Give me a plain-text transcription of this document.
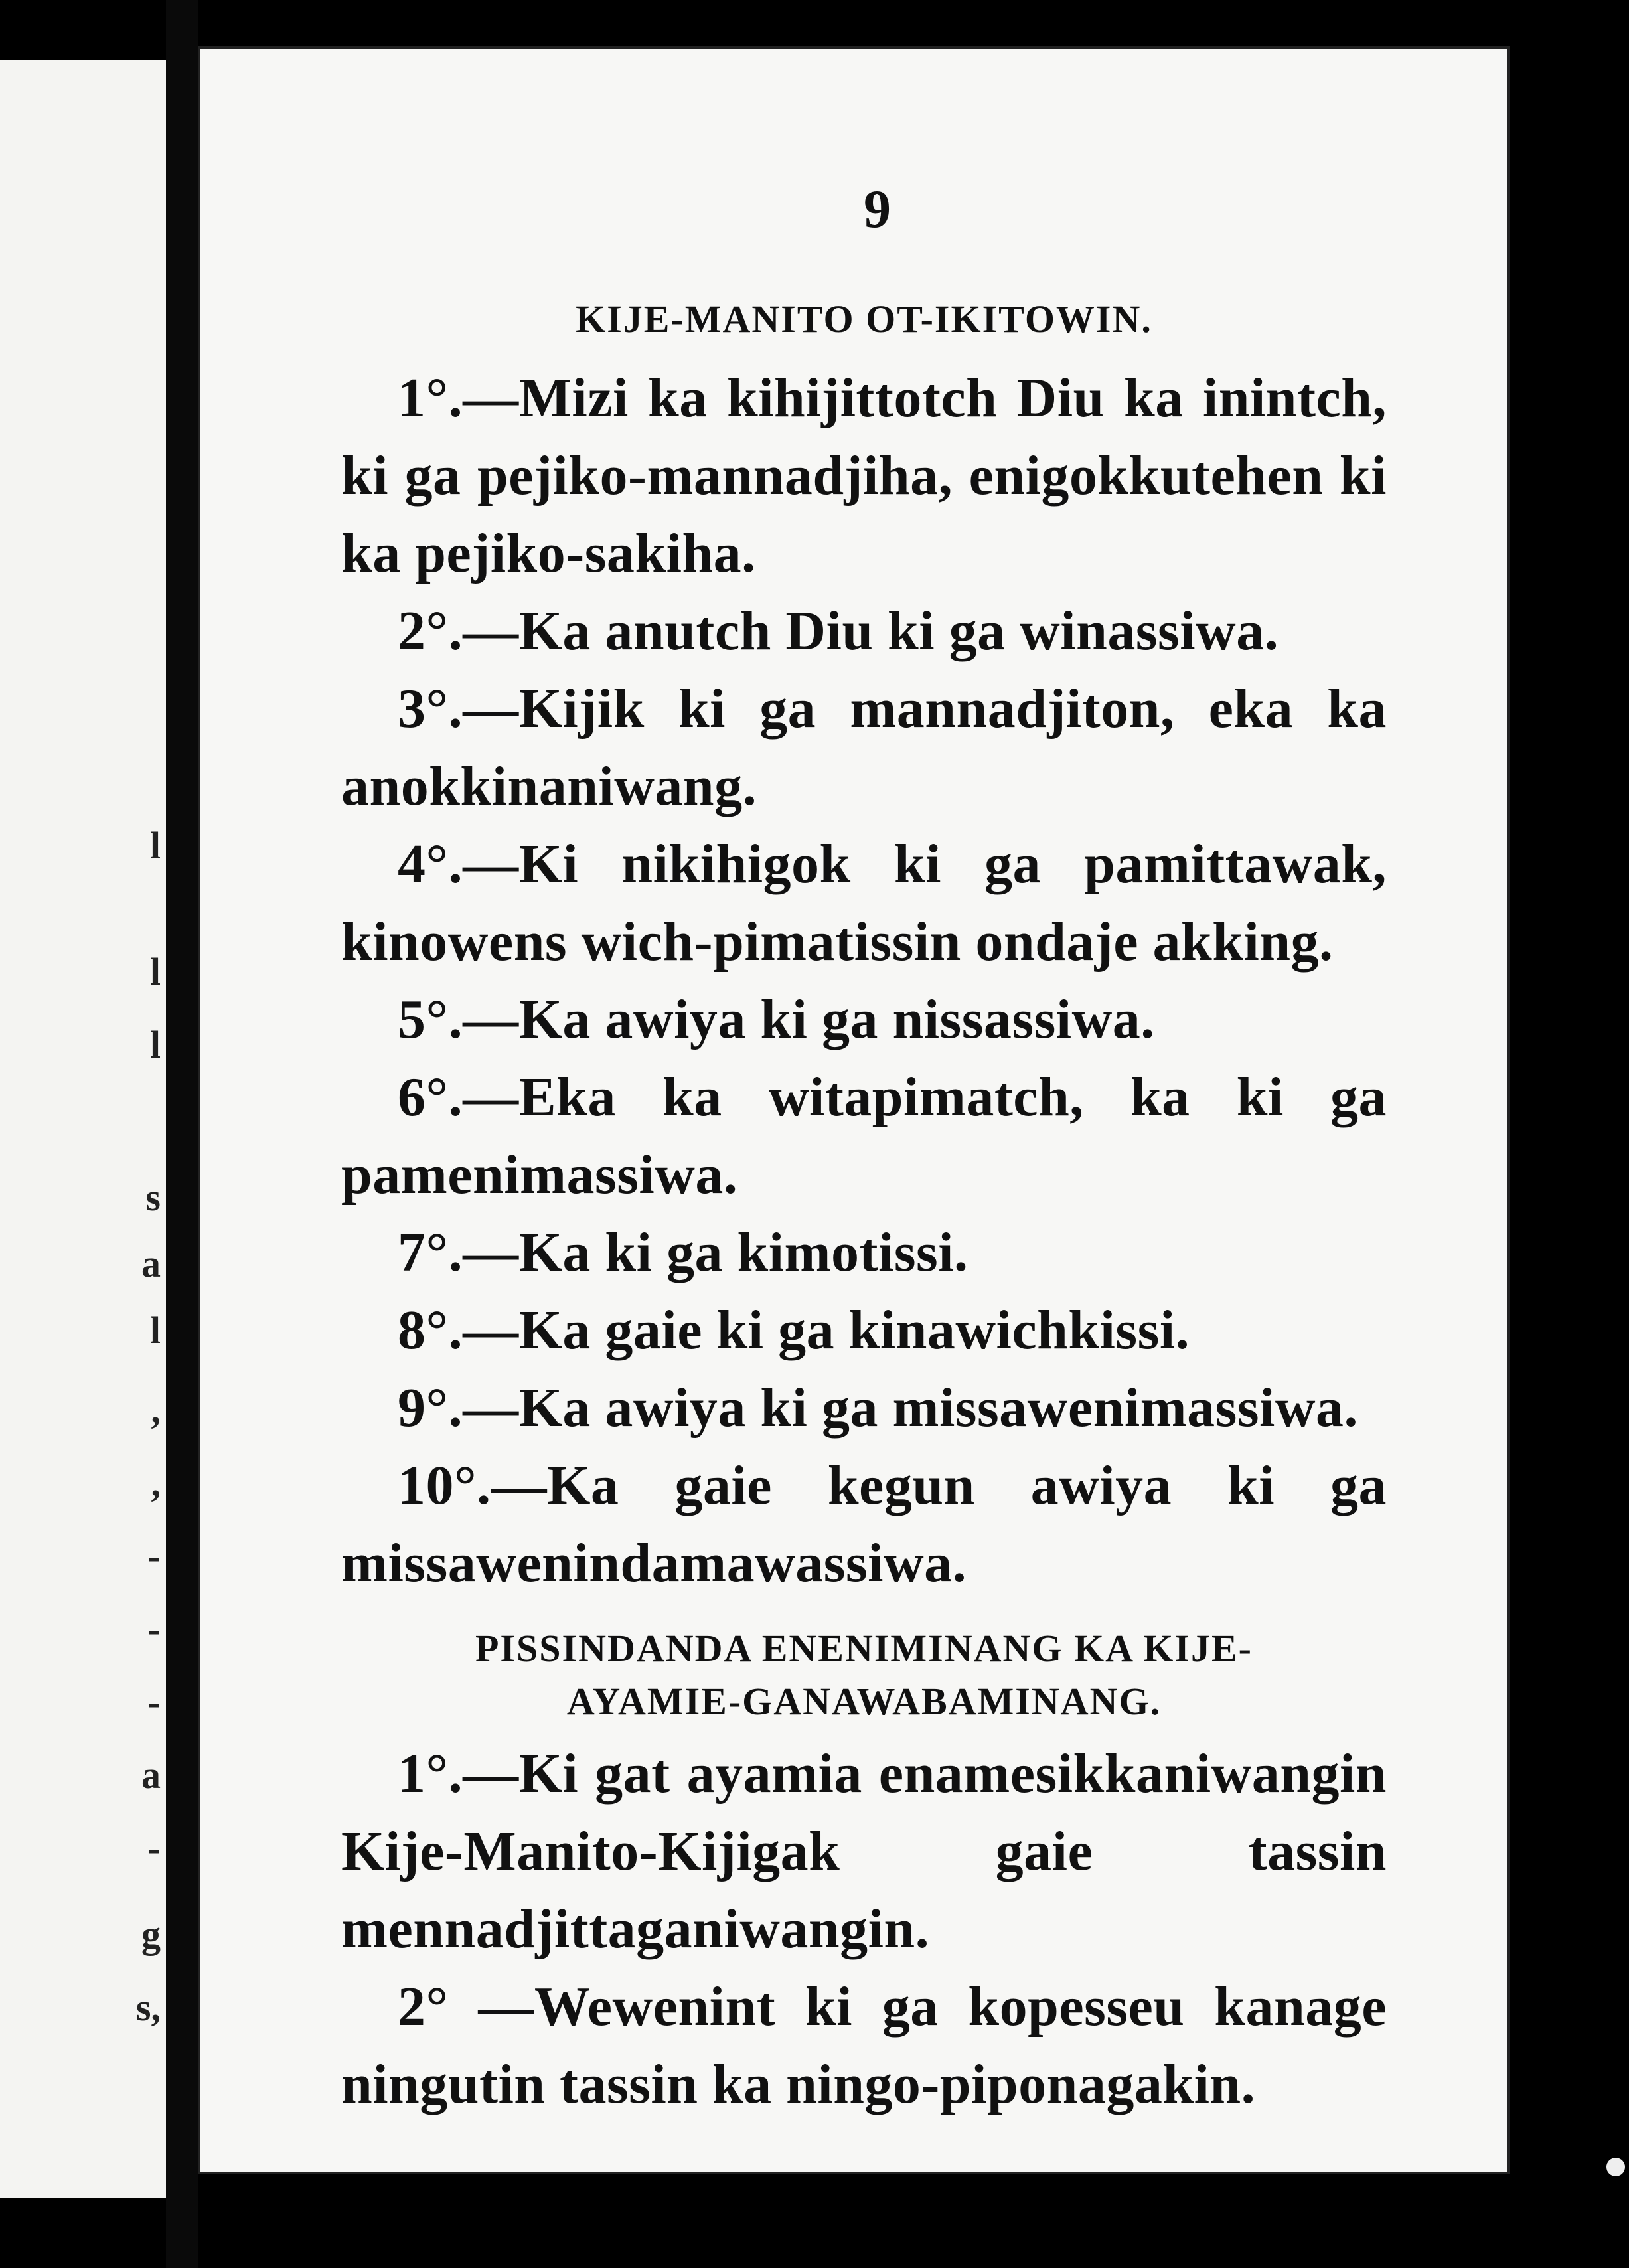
l
l
l
s
a
l
,
,
-
-
-
a
-
g
s,
9
KIJE-MANITO OT-IKITOWIN.
1°.—Mizi ka kihijittotch Diu ka inintch, ki ga pejiko-mannadjiha, enigokkutehen ki ka pejiko-sakiha.
2°.—Ka anutch Diu ki ga winassiwa.
3°.—Kijik ki ga mannadjiton, eka ka anokkinaniwang.
4°.—Ki nikihigok ki ga pamittawak, kinowens wich-pimatissin ondaje akking.
5°.—Ka awiya ki ga nissassiwa.
6°.—Eka ka witapimatch, ka ki ga pamenimassiwa.
7°.—Ka ki ga kimotissi.
8°.—Ka gaie ki ga kinawichkissi.
9°.—Ka awiya ki ga missawenimassiwa.
10°.—Ka gaie kegun awiya ki ga missawenindamawassiwa.
PISSINDANDA ENENIMINANG KA KIJE-
AYAMIE-GANAWABAMINANG.
1°.—Ki gat ayamia enamesikkaniwangin Kije-Manito-Kijigak gaie tassin mennadjittaganiwangin.
2° —Wewenint ki ga kopesseu kanage ningutin tassin ka ningo-piponagakin.
